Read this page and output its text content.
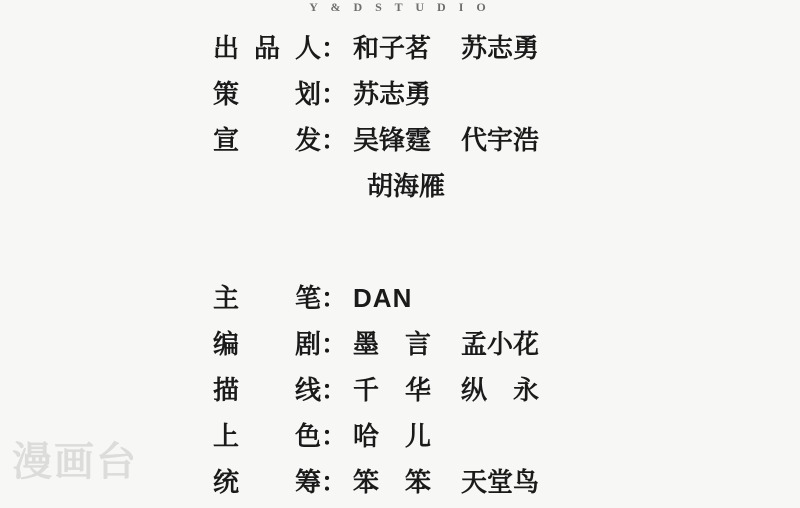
Y & D S T U D I O
出 品 人 ： 和子茗 苏志勇
策 划 ： 苏志勇
宣 发 ： 吴锋霆 代宇浩
胡海雁
主 笔 ： DAN
编 剧 ： 墨　言 孟小花
描 线 ： 千　华 纵　永
上 色 ： 哈　儿
统 筹 ： 笨　笨 天堂鸟
漫画台
